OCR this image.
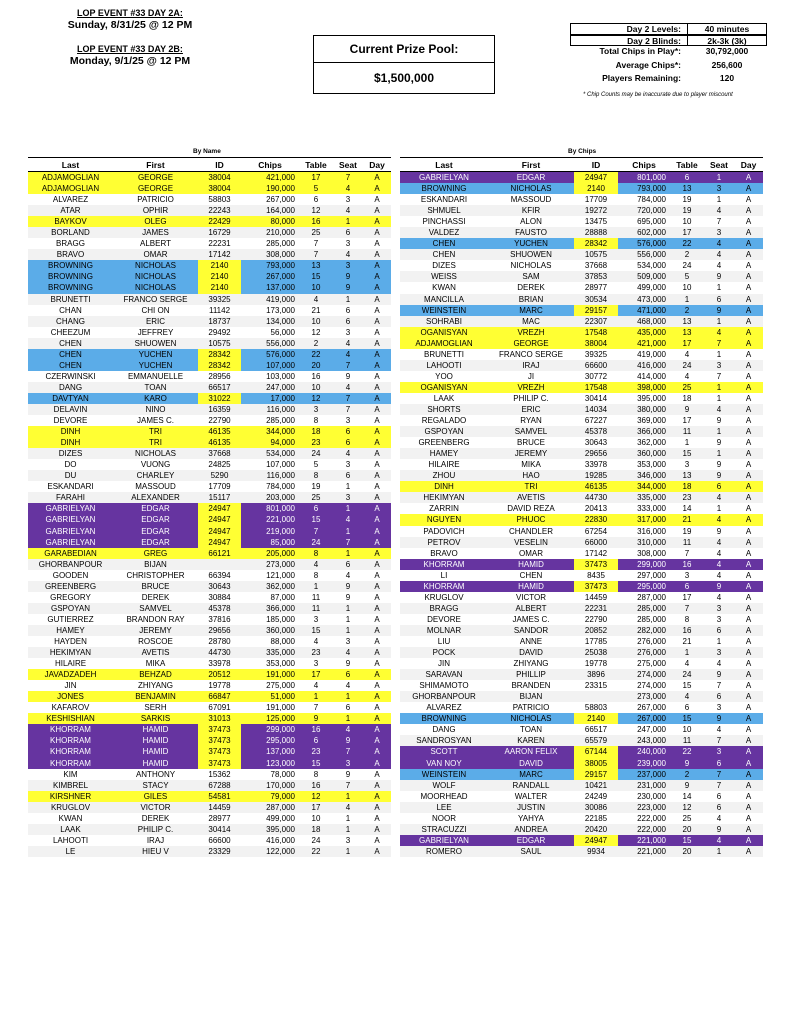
LOP EVENT #33 DAY 2A:
Sunday, 8/31/25 @ 12 PM
LOP EVENT #33 DAY 2B:
Monday, 9/1/25 @ 12 PM
Current Prize Pool:
$1,500,000
Day 2 Levels:	40 minutes
Day 2 Blinds:	2k-3k (3k)
Total Chips in Play*:	30,792,000
Average Chips*:	256,600
Players Remaining:	120
* Chip Counts may be inaccurate due to player miscount
By Name	By Chips
Last	First	ID	Chips	Table	Seat	Day
ADJAMOGLIAN	GEORGE	38004	421,000	17	7	A
ADJAMOGLIAN	GEORGE	38004	190,000	5	4	A
ALVAREZ	PATRICIO	58803	267,000	6	3	A
ATAR	OPHIR	22243	164,000	12	4	A
BAYKOV	OLEG	22429	80,000	16	1	A
BORLAND	JAMES	16729	210,000	25	6	A
BRAGG	ALBERT	22231	285,000	7	3	A
BRAVO	OMAR	17142	308,000	7	4	A
BROWNING	NICHOLAS	2140	793,000	13	3	A
BROWNING	NICHOLAS	2140	267,000	15	9	A
BROWNING	NICHOLAS	2140	137,000	10	9	A
BRUNETTI	FRANCO SERGE	39325	419,000	4	1	A
CHAN	CHI ON	11142	173,000	21	6	A
CHANG	ERIC	18737	134,000	10	6	A
CHEEZUM	JEFFREY	29492	56,000	12	3	A
CHEN	SHUOWEN	10575	556,000	2	4	A
CHEN	YUCHEN	28342	576,000	22	4	A
CHEN	YUCHEN	28342	107,000	20	7	A
CZERWINSKI	EMMANUELLE	28956	103,000	16	9	A
DANG	TOAN	66517	247,000	10	4	A
DAVTYAN	KARO	31022	17,000	12	7	A
DELAVIN	NINO	16359	116,000	3	7	A
DEVORE	JAMES C.	22790	285,000	8	3	A
DINH	TRI	46135	344,000	18	6	A
DINH	TRI	46135	94,000	23	6	A
DIZES	NICHOLAS	37668	534,000	24	4	A
DO	VUONG	24825	107,000	5	3	A
DU	CHARLEY	5290	116,000	8	6	A
ESKANDARI	MASSOUD	17709	784,000	19	1	A
FARAHI	ALEXANDER	15117	203,000	25	3	A
GABRIELYAN	EDGAR	24947	801,000	6	1	A
GABRIELYAN	EDGAR	24947	221,000	15	4	A
GABRIELYAN	EDGAR	24947	219,000	7	1	A
GABRIELYAN	EDGAR	24947	85,000	24	7	A
GARABEDIAN	GREG	66121	205,000	8	1	A
GHORBANPOUR	BIJAN		273,000	4	6	A
GOODEN	CHRISTOPHER	66394	121,000	8	4	A
GREENBERG	BRUCE	30643	362,000	1	9	A
GREGORY	DEREK	30884	87,000	11	9	A
GSPOYAN	SAMVEL	45378	366,000	11	1	A
GUTIERREZ	BRANDON RAY	37816	185,000	3	1	A
HAMEY	JEREMY	29656	360,000	15	1	A
HAYDEN	ROSCOE	28780	88,000	4	3	A
HEKIMYAN	AVETIS	44730	335,000	23	4	A
HILAIRE	MIKA	33978	353,000	3	9	A
JAVADZADEH	BEHZAD	20512	191,000	17	6	A
JIN	ZHIYANG	19778	275,000	4	4	A
JONES	BENJAMIN	66847	51,000	1	1	A
KAFAROV	SERH	67091	191,000	7	6	A
KESHISHIAN	SARKIS	31013	125,000	9	1	A
KHORRAM	HAMID	37473	299,000	16	4	A
KHORRAM	HAMID	37473	295,000	6	9	A
KHORRAM	HAMID	37473	137,000	23	7	A
KHORRAM	HAMID	37473	123,000	15	3	A
KIM	ANTHONY	15362	78,000	8	9	A
KIMBREL	STACY	67288	170,000	16	7	A
KIRSHNER	GILES	54581	79,000	12	1	A
KRUGLOV	VICTOR	14459	287,000	17	4	A
KWAN	DEREK	28977	499,000	10	1	A
LAAK	PHILIP C.	30414	395,000	18	1	A
LAHOOTI	IRAJ	66600	416,000	24	3	A
LE	HIEU V	23329	122,000	22	1	A
Last	First	ID	Chips	Table	Seat	Day
GABRIELYAN	EDGAR	24947	801,000	6	1	A
BROWNING	NICHOLAS	2140	793,000	13	3	A
ESKANDARI	MASSOUD	17709	784,000	19	1	A
SHMUEL	KFIR	19272	720,000	19	4	A
PINCHASSI	ALON	13475	695,000	10	7	A
VALDEZ	FAUSTO	28888	602,000	17	3	A
CHEN	YUCHEN	28342	576,000	22	4	A
CHEN	SHUOWEN	10575	556,000	2	4	A
DIZES	NICHOLAS	37668	534,000	24	4	A
WEISS	SAM	37853	509,000	5	9	A
KWAN	DEREK	28977	499,000	10	1	A
MANCILLA	BRIAN	30534	473,000	1	6	A
WEINSTEIN	MARC	29157	471,000	2	9	A
SOHRABI	MAC	22307	468,000	13	1	A
OGANISYAN	VREZH	17548	435,000	13	4	A
ADJAMOGLIAN	GEORGE	38004	421,000	17	7	A
BRUNETTI	FRANCO SERGE	39325	419,000	4	1	A
LAHOOTI	IRAJ	66600	416,000	24	3	A
YOO	JI	30772	414,000	4	7	A
OGANISYAN	VREZH	17548	398,000	25	1	A
LAAK	PHILIP C.	30414	395,000	18	1	A
SHORTS	ERIC	14034	380,000	9	4	A
REGALADO	RYAN	67227	369,000	17	9	A
GSPOYAN	SAMVEL	45378	366,000	11	1	A
GREENBERG	BRUCE	30643	362,000	1	9	A
HAMEY	JEREMY	29656	360,000	15	1	A
HILAIRE	MIKA	33978	353,000	3	9	A
ZHOU	HAO	19285	346,000	13	9	A
DINH	TRI	46135	344,000	18	6	A
HEKIMYAN	AVETIS	44730	335,000	23	4	A
ZARRIN	DAVID REZA	20413	333,000	14	1	A
NGUYEN	PHUOC	22830	317,000	21	4	A
PADOVICH	CHANDLER	67254	316,000	19	9	A
PETROV	VESELIN	66000	310,000	11	4	A
BRAVO	OMAR	17142	308,000	7	4	A
KHORRAM	HAMID	37473	299,000	16	4	A
LI	CHEN	8435	297,000	3	4	A
KHORRAM	HAMID	37473	295,000	6	9	A
KRUGLOV	VICTOR	14459	287,000	17	4	A
BRAGG	ALBERT	22231	285,000	7	3	A
DEVORE	JAMES C.	22790	285,000	8	3	A
MOLNAR	SANDOR	20852	282,000	16	6	A
LIU	ANNE	17785	276,000	21	1	A
POCK	DAVID	25038	276,000	1	3	A
JIN	ZHIYANG	19778	275,000	4	4	A
SARAVAN	PHILLIP	3896	274,000	24	9	A
SHIMAMOTO	BRANDEN	23315	274,000	15	7	A
GHORBANPOUR	BIJAN		273,000	4	6	A
ALVAREZ	PATRICIO	58803	267,000	6	3	A
BROWNING	NICHOLAS	2140	267,000	15	9	A
DANG	TOAN	66517	247,000	10	4	A
SANDROSYAN	KAREN	65579	243,000	11	7	A
SCOTT	AARON FELIX	67144	240,000	22	3	A
VAN NOY	DAVID	38005	239,000	9	6	A
WEINSTEIN	MARC	29157	237,000	2	7	A
WOLF	RANDALL	10421	231,000	9	7	A
MOORHEAD	WALTER	24249	230,000	14	6	A
LEE	JUSTIN	30086	223,000	12	6	A
NOOR	YAHYA	22185	222,000	25	4	A
STRACUZZI	ANDREA	20420	222,000	20	9	A
GABRIELYAN	EDGAR	24947	221,000	15	4	A
ROMERO	SAUL	9934	221,000	20	1	A
